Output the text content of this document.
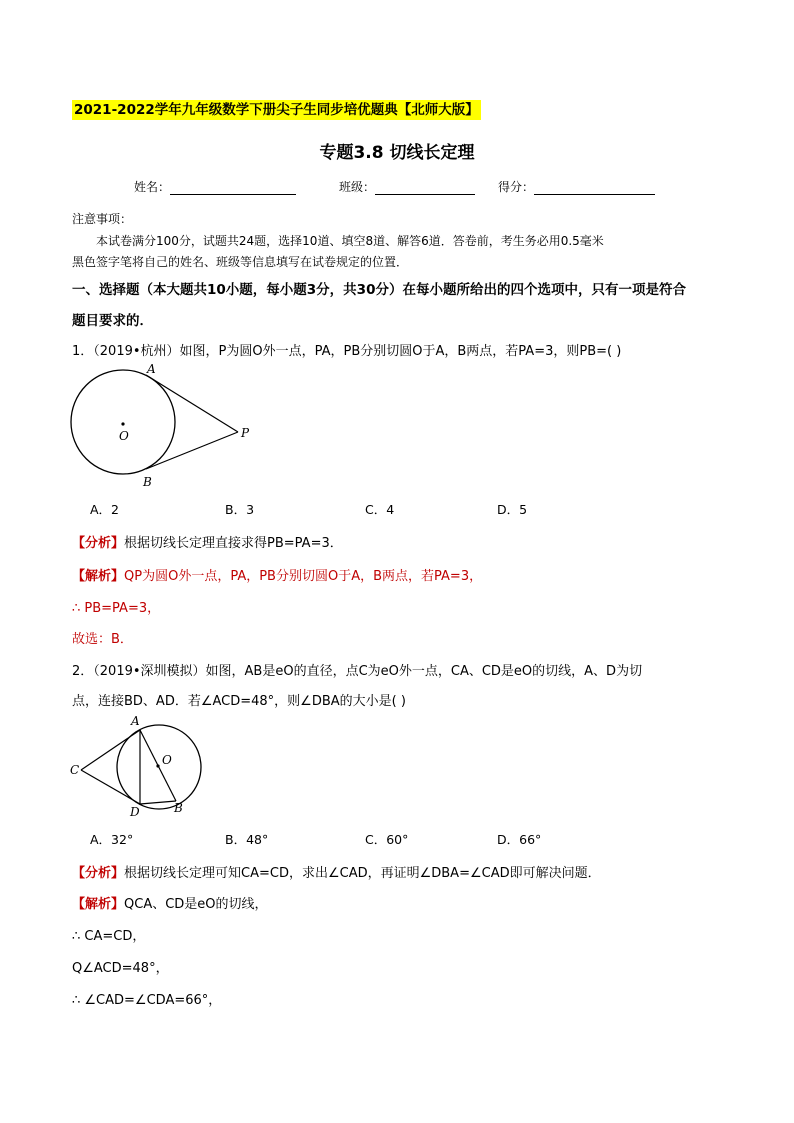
2021-2022学年九年级数学下册尖子生同步培优题典【北师大版】
专题3.8 切线长定理
姓名：	班级：	得分：
注意事项：
本试卷满分100分，试题共24题，选择10道、填空8道、解答6道．答卷前，考生务必用0.5毫米
黑色签字笔将自己的姓名、班级等信息填写在试卷规定的位置．
一、选择题（本大题共10小题，每小题3分，共30分）在每小题所给出的四个选项中，只有一项是符合
题目要求的．
1．（2019•杭州）如图，P为圆O外一点，PA，PB分别切圆O于A，B两点，若PA=3，则PB=( )
A
B
O	P
A．2	B．3	C．4	D．5
【分析】根据切线长定理直接求得PB=PA=3．
【解析】QP为圆O外一点，PA，PB分别切圆O于A，B两点，若PA=3，
∴ PB=PA=3，
故选：B．
2．（2019•深圳模拟）如图，AB是eO的直径，点C为eO外一点，CA、CD是eO的切线，A、D为切
点，连接BD、AD．若∠ACD=48°，则∠DBA的大小是( )
A
B
C
D
O
A．32°	B．48°	C．60°	D．66°
【分析】根据切线长定理可知CA=CD，求出∠CAD，再证明∠DBA=∠CAD即可解决问题．
【解析】QCA、CD是eO的切线，
∴ CA=CD，
Q∠ACD=48°，
∴ ∠CAD=∠CDA=66°，
